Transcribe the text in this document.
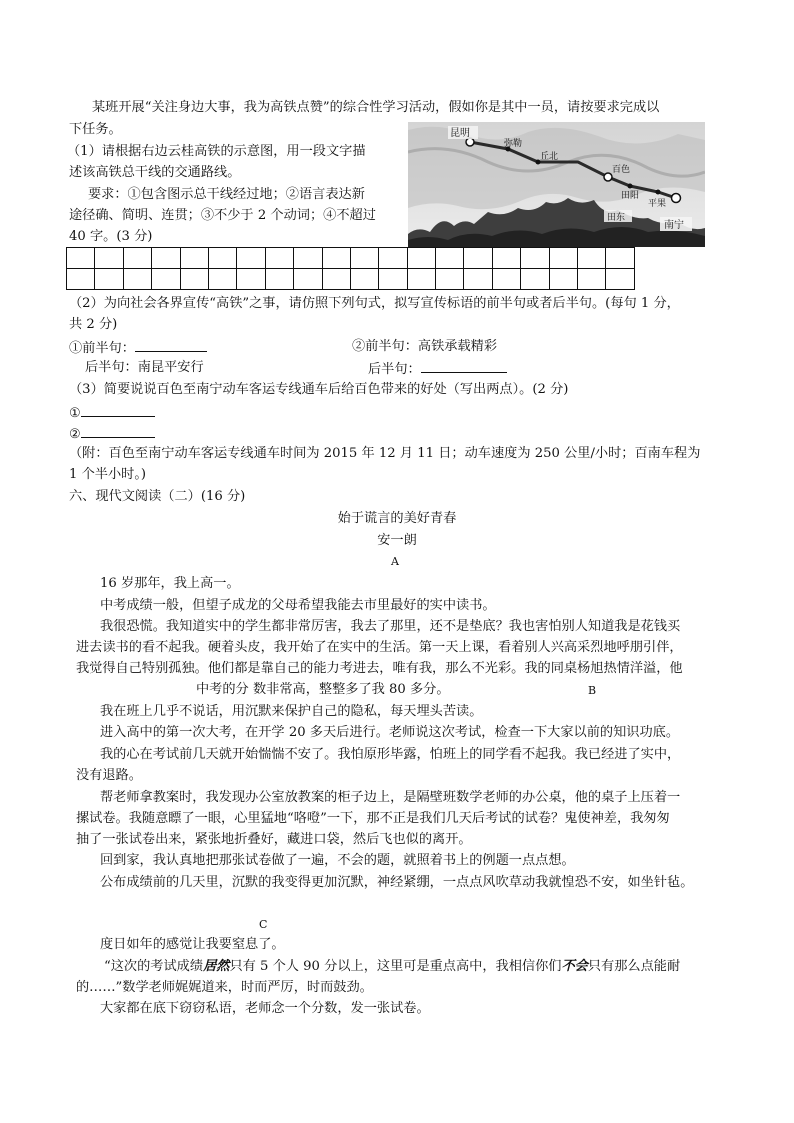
某班开展“关注身边大事，我为高铁点赞”的综合性学习活动，假如你是其中一员，请按要求完成以
下任务。
（1）请根据右边云桂高铁的示意图，用一段文字描
述该高铁总干线的交通路线。
要求：①包含图示总干线经过地；②语言表达新
途径确、简明、连贯；③不少于 2 个动词；④不超过
40 字。(3 分)
昆明
弥勒
丘北
百色
田阳
田东
平果
南宁

（2）为向社会各界宣传“高铁”之事，请仿照下列句式，拟写宣传标语的前半句或者后半句。(每句 1 分，
共 2 分)
①前半句：	②前半句：高铁承载精彩
后半句：南昆平安行	后半句：
（3）简要说说百色至南宁动车客运专线通车后给百色带来的好处（写出两点）。(2 分)
①
②
（附：百色至南宁动车客运专线通车时间为 2015 年 12 月 11 日；动车速度为 250 公里/小时；百南车程为
1 个半小时。)
六、现代文阅读（二）(16 分)
始于谎言的美好青春
安一朗
A
16 岁那年，我上高一。
中考成绩一般，但望子成龙的父母希望我能去市里最好的实中读书。
我很恐慌。我知道实中的学生都非常厉害，我去了那里，还不是垫底？我也害怕别人知道我是花钱买
进去读书的看不起我。硬着头皮，我开始了在实中的生活。第一天上课，看着别人兴高采烈地呼朋引伴，
我觉得自己特别孤独。他们都是靠自己的能力考进去，唯有我，那么不光彩。我的同桌杨旭热情洋溢，他
中考的分 数非常高，整整多了我 80 多分。	B
我在班上几乎不说话，用沉默来保护自己的隐私，每天埋头苦读。
进入高中的第一次大考，在开学 20 多天后进行。老师说这次考试，检查一下大家以前的知识功底。
我的心在考试前几天就开始惴惴不安了。我怕原形毕露，怕班上的同学看不起我。我已经进了实中，
没有退路。
帮老师拿教案时，我发现办公室放教案的柜子边上，是隔壁班数学老师的办公桌，他的桌子上压着一
摞试卷。我随意瞟了一眼，心里猛地“咯噔”一下，那不正是我们几天后考试的试卷？鬼使神差，我匆匆
抽了一张试卷出来，紧张地折叠好，藏进口袋，然后飞也似的离开。
回到家，我认真地把那张试卷做了一遍，不会的题，就照着书上的例题一点点想。
公布成绩前的几天里，沉默的我变得更加沉默，神经紧绷，一点点风吹草动我就惶恐不安，如坐针毡。
C
度日如年的感觉让我要窒息了。
“这次的考试成绩居然只有 5 个人 90 分以上，这里可是重点高中，我相信你们不会只有那么点能耐
的……”数学老师娓娓道来，时而严厉，时而鼓劲。
大家都在底下窃窃私语，老师念一个分数，发一张试卷。
